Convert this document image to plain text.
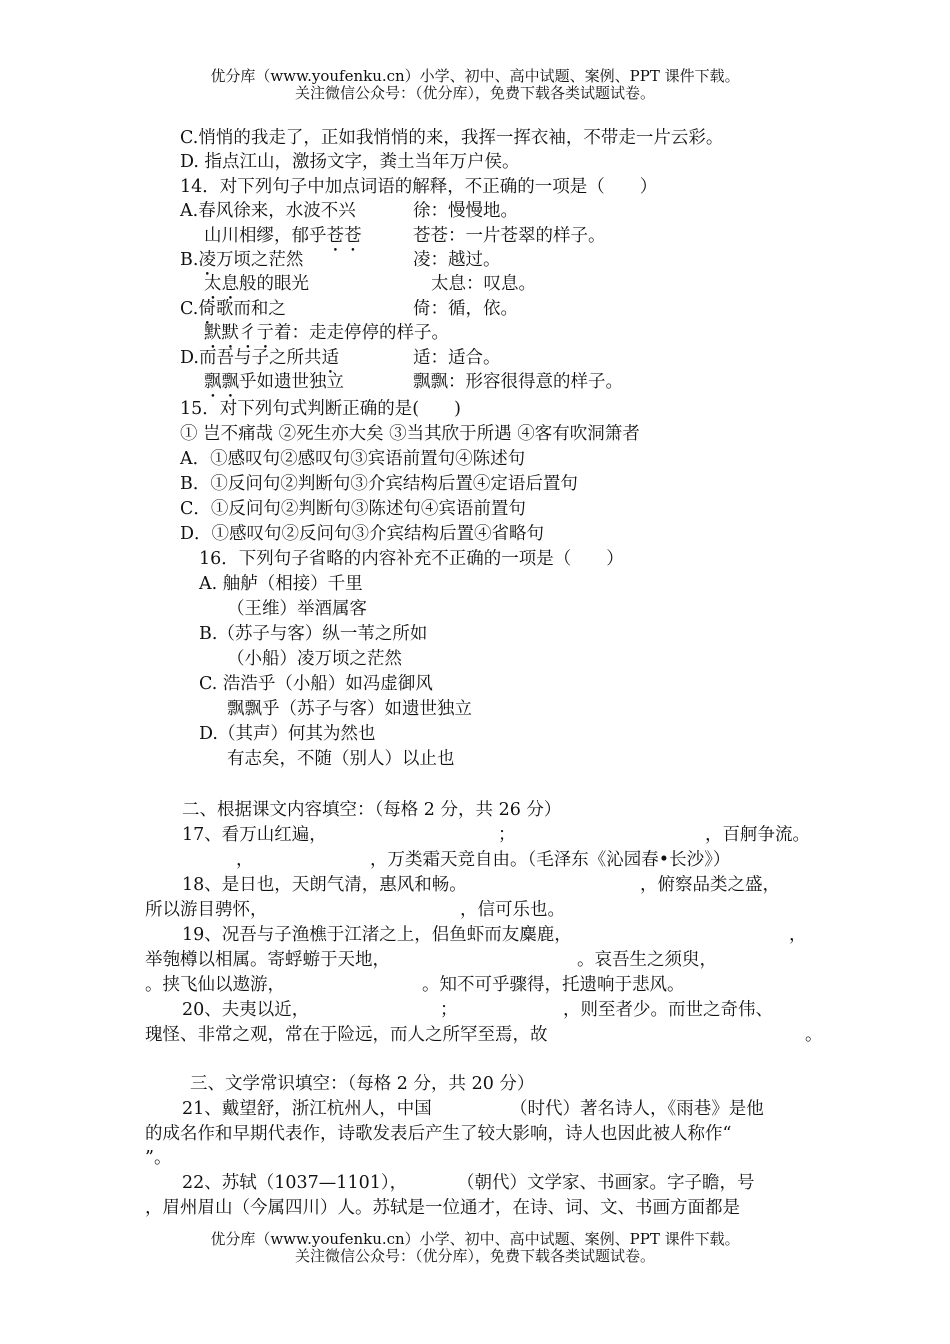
优分库（www.youfenku.cn）小学、初中、高中试题、案例、PPT 课件下载。
关注微信公众号：（优分库），免费下载各类试题试卷。
C.悄悄的我走了，正如我悄悄的来，我挥一挥衣袖，不带走一片云彩。
D. 指点江山，激扬文字，粪土当年万户侯。
14．对下列句子中加点词语的解释，不正确的一项是（　　）
A.春风徐来，水波不兴	徐：慢慢地。
山川相缪，郁乎苍苍	苍苍：一片苍翠的样子。
B.凌万顷之茫然	凌：越过。
太息般的眼光	太息：叹息。
C.倚歌而和之	倚：循，依。
默默彳亍着：走走停停的样子。
D.而吾与子之所共适	适：适合。
飘飘乎如遗世独立	飘飘：形容很得意的样子。
15．对下列句式判断正确的是(　　)
① 岂不痛哉 ②死生亦大矣 ③当其欣于所遇 ④客有吹洞箫者
A．①感叹句②感叹句③宾语前置句④陈述句
B．①反问句②判断句③介宾结构后置④定语后置句
C．①反问句②判断句③陈述句④宾语前置句
D．①感叹句②反问句③介宾结构后置④省略句
16．下列句子省略的内容补充不正确的一项是（　　）
A. 舳舻（相接）千里
（王维）举酒属客
B.（苏子与客）纵一苇之所如
（小船）凌万顷之茫然
C. 浩浩乎（小船）如冯虚御风
飘飘乎（苏子与客）如遗世独立
D.（其声）何其为然也
有志矣，不随（别人）以止也
二、根据课文内容填空：（每格 2 分，共 26 分）
17、看万山红遍，	；	，百舸争流。
，	，万类霜天竞自由。（毛泽东《沁园春•长沙》）
18、是日也，天朗气清，惠风和畅。	，俯察品类之盛，
所以游目骋怀，	，信可乐也。
19、况吾与子渔樵于江渚之上，侣鱼虾而友麋鹿，	，
举匏樽以相属。寄蜉蝣于天地，	。哀吾生之须臾，
。挟飞仙以遨游，	。知不可乎骤得，托遗响于悲风。
20、夫夷以近，	；	，则至者少。而世之奇伟、
瑰怪、非常之观，常在于险远，而人之所罕至焉，故	。
三、文学常识填空：（每格 2 分，共 20 分）
21、戴望舒，浙江杭州人，中国	（时代）著名诗人，《雨巷》是他
的成名作和早期代表作，诗歌发表后产生了较大影响，诗人也因此被人称作“
”。
22、苏轼（1037—1101），	（朝代）文学家、书画家。字子瞻，号
，眉州眉山（今属四川）人。苏轼是一位通才，在诗、词、文、书画方面都是
优分库（www.youfenku.cn）小学、初中、高中试题、案例、PPT 课件下载。
关注微信公众号：（优分库），免费下载各类试题试卷。
